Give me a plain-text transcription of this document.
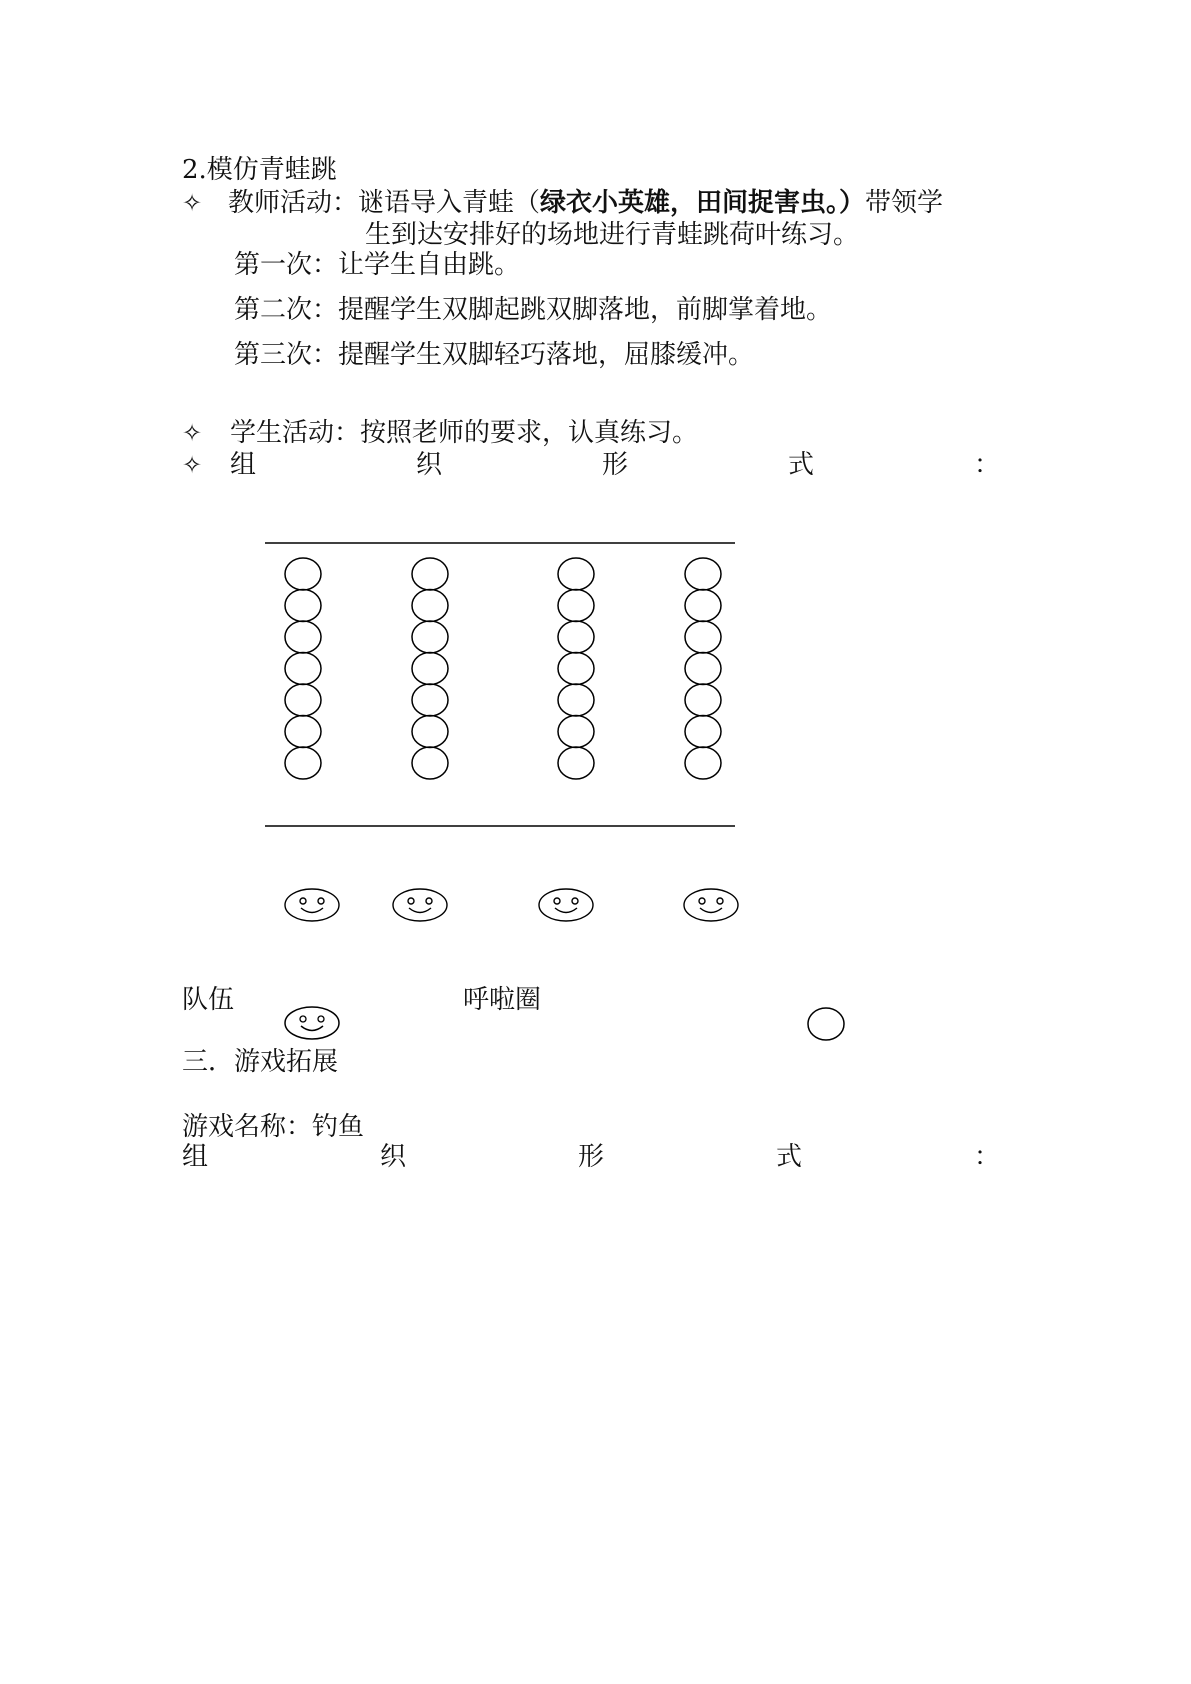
2.模仿青蛙跳
✧ 教师活动：谜语导入青蛙（绿衣小英雄，田间捉害虫。）带领学
生到达安排好的场地进行青蛙跳荷叶练习。
第一次：让学生自由跳。
第二次：提醒学生双脚起跳双脚落地，前脚掌着地。
第三次：提醒学生双脚轻巧落地，屈膝缓冲。
✧ 学生活动：按照老师的要求，认真练习。
✧ 组	织	形	式	：
队伍	呼啦圈
三．游戏拓展
游戏名称：钓鱼
组	织	形	式	：
